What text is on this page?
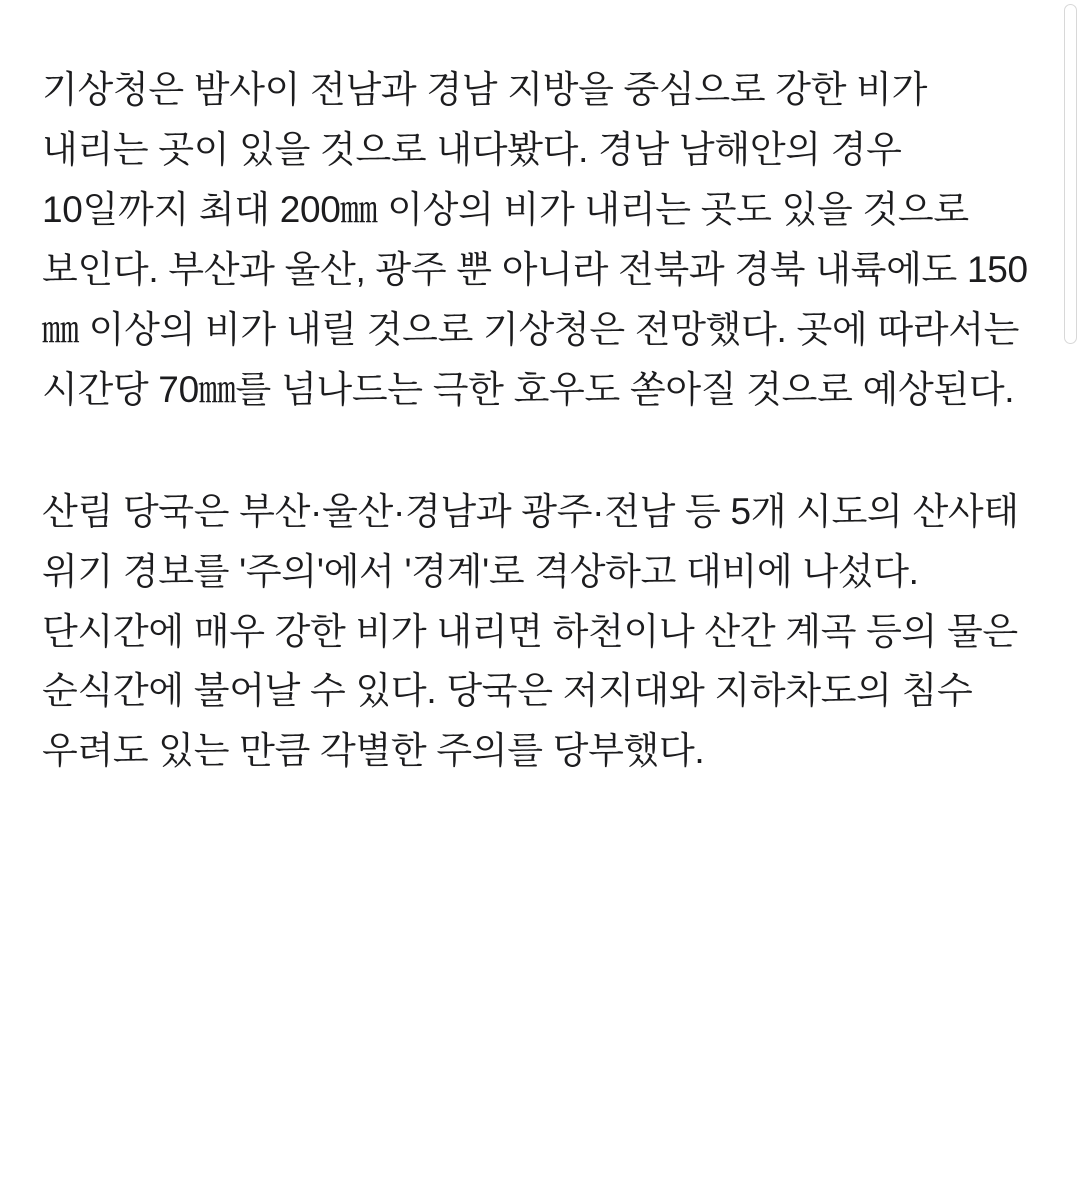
기상청은 밤사이 전남과 경남 지방을 중심으로 강한 비가 내리는 곳이 있을 것으로 내다봤다. 경남 남해안의 경우 10일까지 최대 200㎜ 이상의 비가 내리는 곳도 있을 것으로 보인다. 부산과 울산, 광주 뿐 아니라 전북과 경북 내륙에도 150㎜ 이상의 비가 내릴 것으로 기상청은 전망했다. 곳에 따라서는 시간당 70㎜를 넘나드는 극한 호우도 쏟아질 것으로 예상된다.

산림 당국은 부산·울산·경남과 광주·전남 등 5개 시도의 산사태 위기 경보를 '주의'에서 '경계'로 격상하고 대비에 나섰다. 단시간에 매우 강한 비가 내리면 하천이나 산간 계곡 등의 물은 순식간에 불어날 수 있다. 당국은 저지대와 지하차도의 침수 우려도 있는 만큼 각별한 주의를 당부했다.
